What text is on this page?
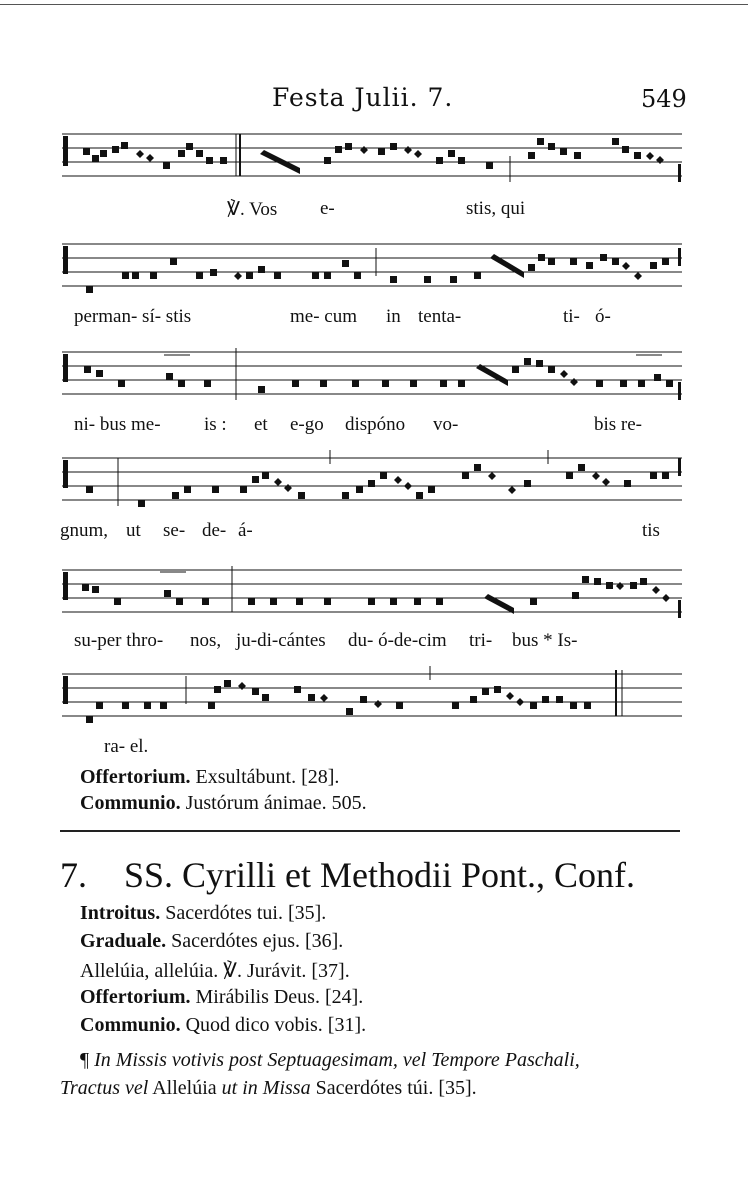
Festa Julii. 7.	549
℣. Vos e-	stis, qui
perman- sí- stis	me- cum in tenta-	ti- ó-
ni- bus me- is : et e-go dispóno vo-	bis re-
gnum, ut se- de- á-	tis
su-per thro- nos, ju-di-cántes du- ó-de-cim tri- bus * Is-
ra- el.
Offertorium. Exsultábunt. [28].
Communio. Justórum ánimae. 505.
7. SS. Cyrilli et Methodii Pont., Conf.
Introitus. Sacerdótes tui. [35].
Graduale. Sacerdótes ejus. [36].
Allelúia, allelúia. ℣. Jurávit. [37].
Offertorium. Mirábilis Deus. [24].
Communio. Quod dico vobis. [31].
¶ In Missis votivis post Septuagesimam, vel Tempore Paschali,
Tractus vel Allelúia ut in Missa Sacerdótes túi. [35].
